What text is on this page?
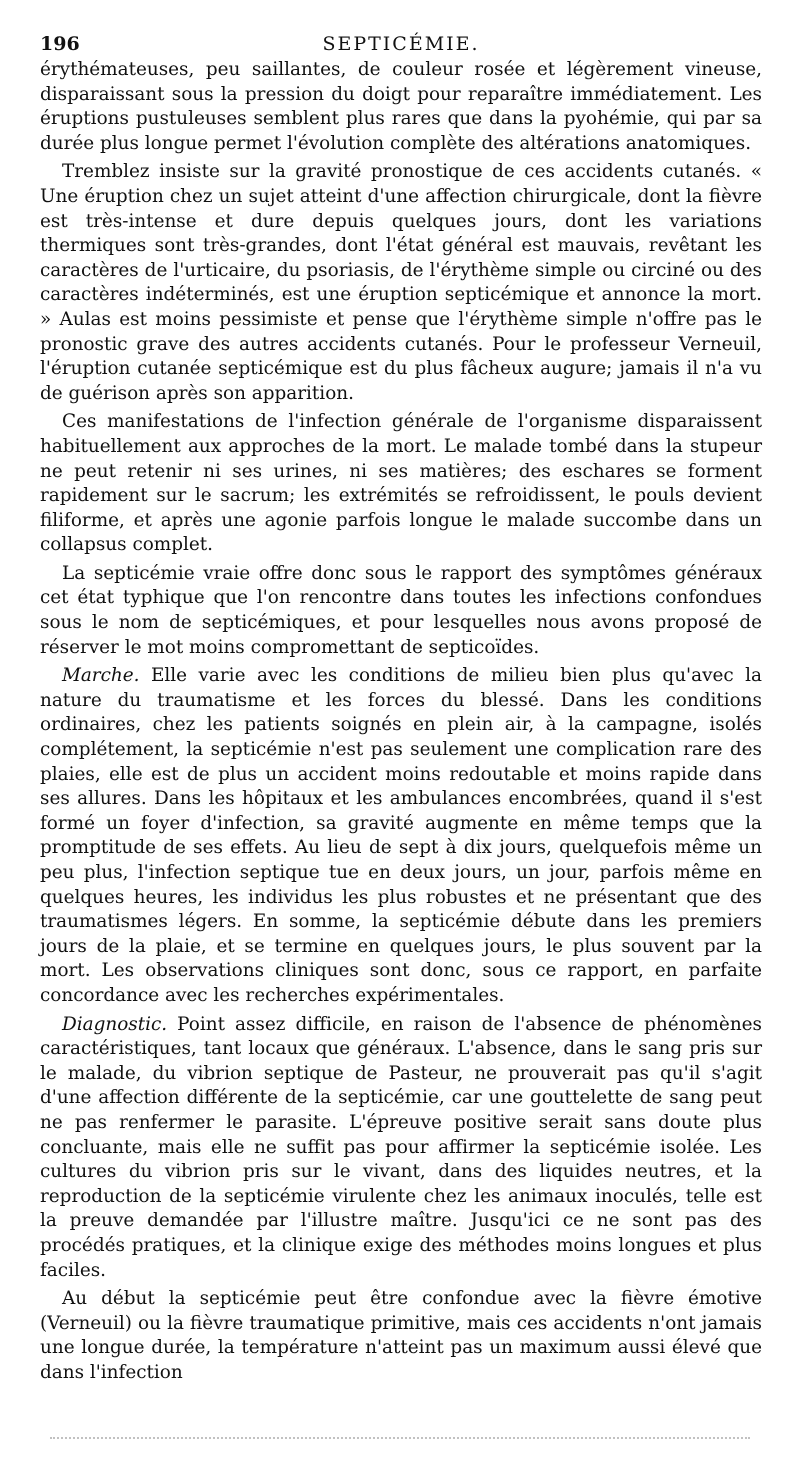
196	SEPTICÉMIE.

érythémateuses, peu saillantes, de couleur rosée et légèrement vineuse, disparaissant sous la pression du doigt pour reparaître immédiatement. Les éruptions pustuleuses semblent plus rares que dans la pyohémie, qui par sa durée plus longue permet l'évolution complète des altérations anatomiques.

Tremblez insiste sur la gravité pronostique de ces accidents cutanés. « Une éruption chez un sujet atteint d'une affection chirurgicale, dont la fièvre est très-intense et dure depuis quelques jours, dont les variations thermiques sont très-grandes, dont l'état général est mauvais, revêtant les caractères de l'urticaire, du psoriasis, de l'érythème simple ou circiné ou des caractères indéterminés, est une éruption septicémique et annonce la mort. » Aulas est moins pessimiste et pense que l'érythème simple n'offre pas le pronostic grave des autres accidents cutanés. Pour le professeur Verneuil, l'éruption cutanée septicémique est du plus fâcheux augure; jamais il n'a vu de guérison après son apparition.

Ces manifestations de l'infection générale de l'organisme disparaissent habituellement aux approches de la mort. Le malade tombé dans la stupeur ne peut retenir ni ses urines, ni ses matières; des eschares se forment rapidement sur le sacrum; les extrémités se refroidissent, le pouls devient filiforme, et après une agonie parfois longue le malade succombe dans un collapsus complet.

La septicémie vraie offre donc sous le rapport des symptômes généraux cet état typhique que l'on rencontre dans toutes les infections confondues sous le nom de septicémiques, et pour lesquelles nous avons proposé de réserver le mot moins compromettant de septicoïdes.

Marche. Elle varie avec les conditions de milieu bien plus qu'avec la nature du traumatisme et les forces du blessé. Dans les conditions ordinaires, chez les patients soignés en plein air, à la campagne, isolés complétement, la septicémie n'est pas seulement une complication rare des plaies, elle est de plus un accident moins redoutable et moins rapide dans ses allures. Dans les hôpitaux et les ambulances encombrées, quand il s'est formé un foyer d'infection, sa gravité augmente en même temps que la promptitude de ses effets. Au lieu de sept à dix jours, quelquefois même un peu plus, l'infection septique tue en deux jours, un jour, parfois même en quelques heures, les individus les plus robustes et ne présentant que des traumatismes légers. En somme, la septicémie débute dans les premiers jours de la plaie, et se termine en quelques jours, le plus souvent par la mort. Les observations cliniques sont donc, sous ce rapport, en parfaite concordance avec les recherches expérimentales.

Diagnostic. Point assez difficile, en raison de l'absence de phénomènes caractéristiques, tant locaux que généraux. L'absence, dans le sang pris sur le malade, du vibrion septique de Pasteur, ne prouverait pas qu'il s'agit d'une affection différente de la septicémie, car une gouttelette de sang peut ne pas renfermer le parasite. L'épreuve positive serait sans doute plus concluante, mais elle ne suffit pas pour affirmer la septicémie isolée. Les cultures du vibrion pris sur le vivant, dans des liquides neutres, et la reproduction de la septicémie virulente chez les animaux inoculés, telle est la preuve demandée par l'illustre maître. Jusqu'ici ce ne sont pas des procédés pratiques, et la clinique exige des méthodes moins longues et plus faciles.

Au début la septicémie peut être confondue avec la fièvre émotive (Verneuil) ou la fièvre traumatique primitive, mais ces accidents n'ont jamais une longue durée, la température n'atteint pas un maximum aussi élevé que dans l'infection
